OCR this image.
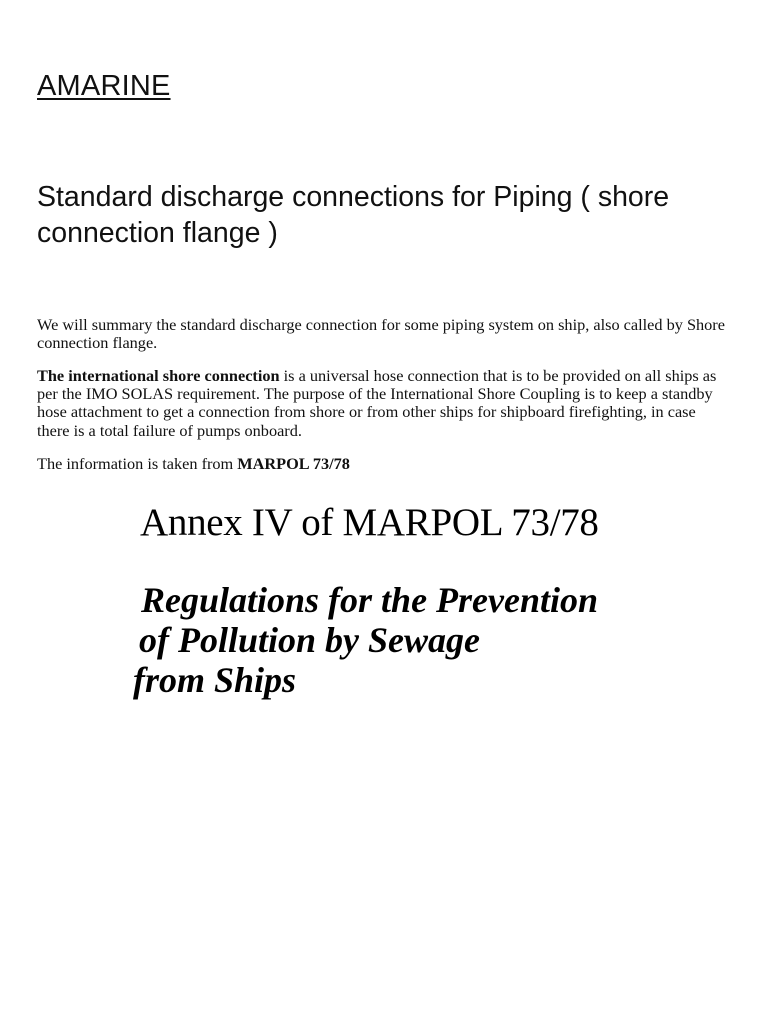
AMARINE
Standard discharge connections for Piping ( shore connection flange )

We will summary the standard discharge connection for some piping system on ship, also called by Shore connection flange.

The international shore connection is a universal hose connection that is to be provided on all ships as per the IMO SOLAS requirement. The purpose of the International Shore Coupling is to keep a standby hose attachment to get a connection from shore or from other ships for shipboard firefighting, in case there is a total failure of pumps onboard.

The information is taken from MARPOL 73/78

Annex IV of MARPOL 73/78
Regulations for the Prevention
of Pollution by Sewage
from Ships
